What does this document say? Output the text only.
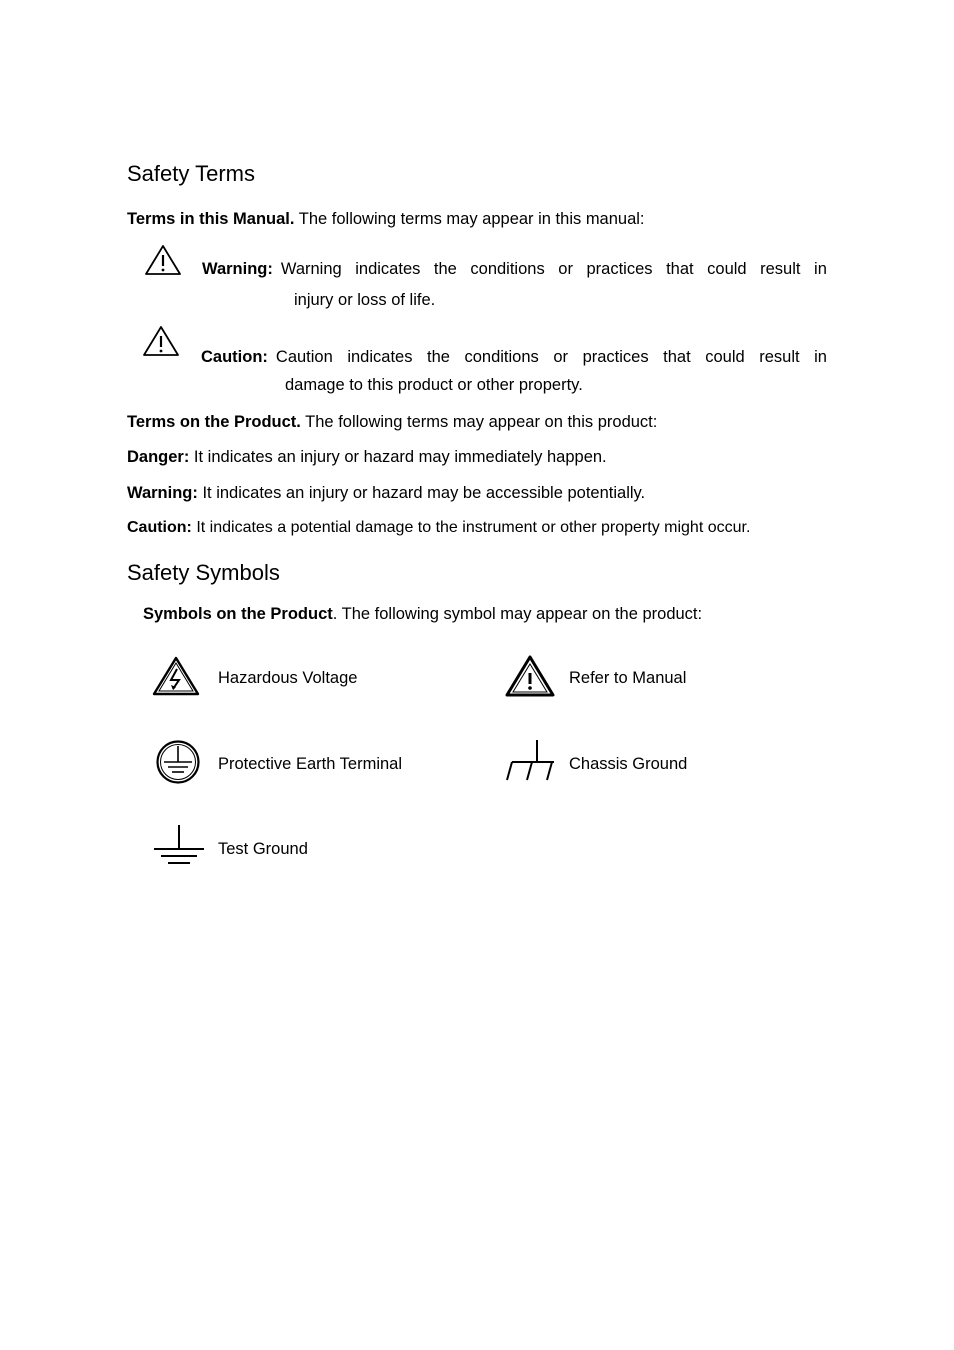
Safety Terms
Terms in this Manual. The following terms may appear in this manual:
Warning: Warning indicates the conditions or practices that could result in
injury or loss of life.
Caution: Caution indicates the conditions or practices that could result in
damage to this product or other property.
Terms on the Product. The following terms may appear on this product:
Danger: It indicates an injury or hazard may immediately happen.
Warning: It indicates an injury or hazard may be accessible potentially.
Caution: It indicates a potential damage to the instrument or other property might occur.
Safety Symbols
Symbols on the Product. The following symbol may appear on the product:
Hazardous Voltage	Refer to Manual
Protective Earth Terminal	Chassis Ground
Test Ground
